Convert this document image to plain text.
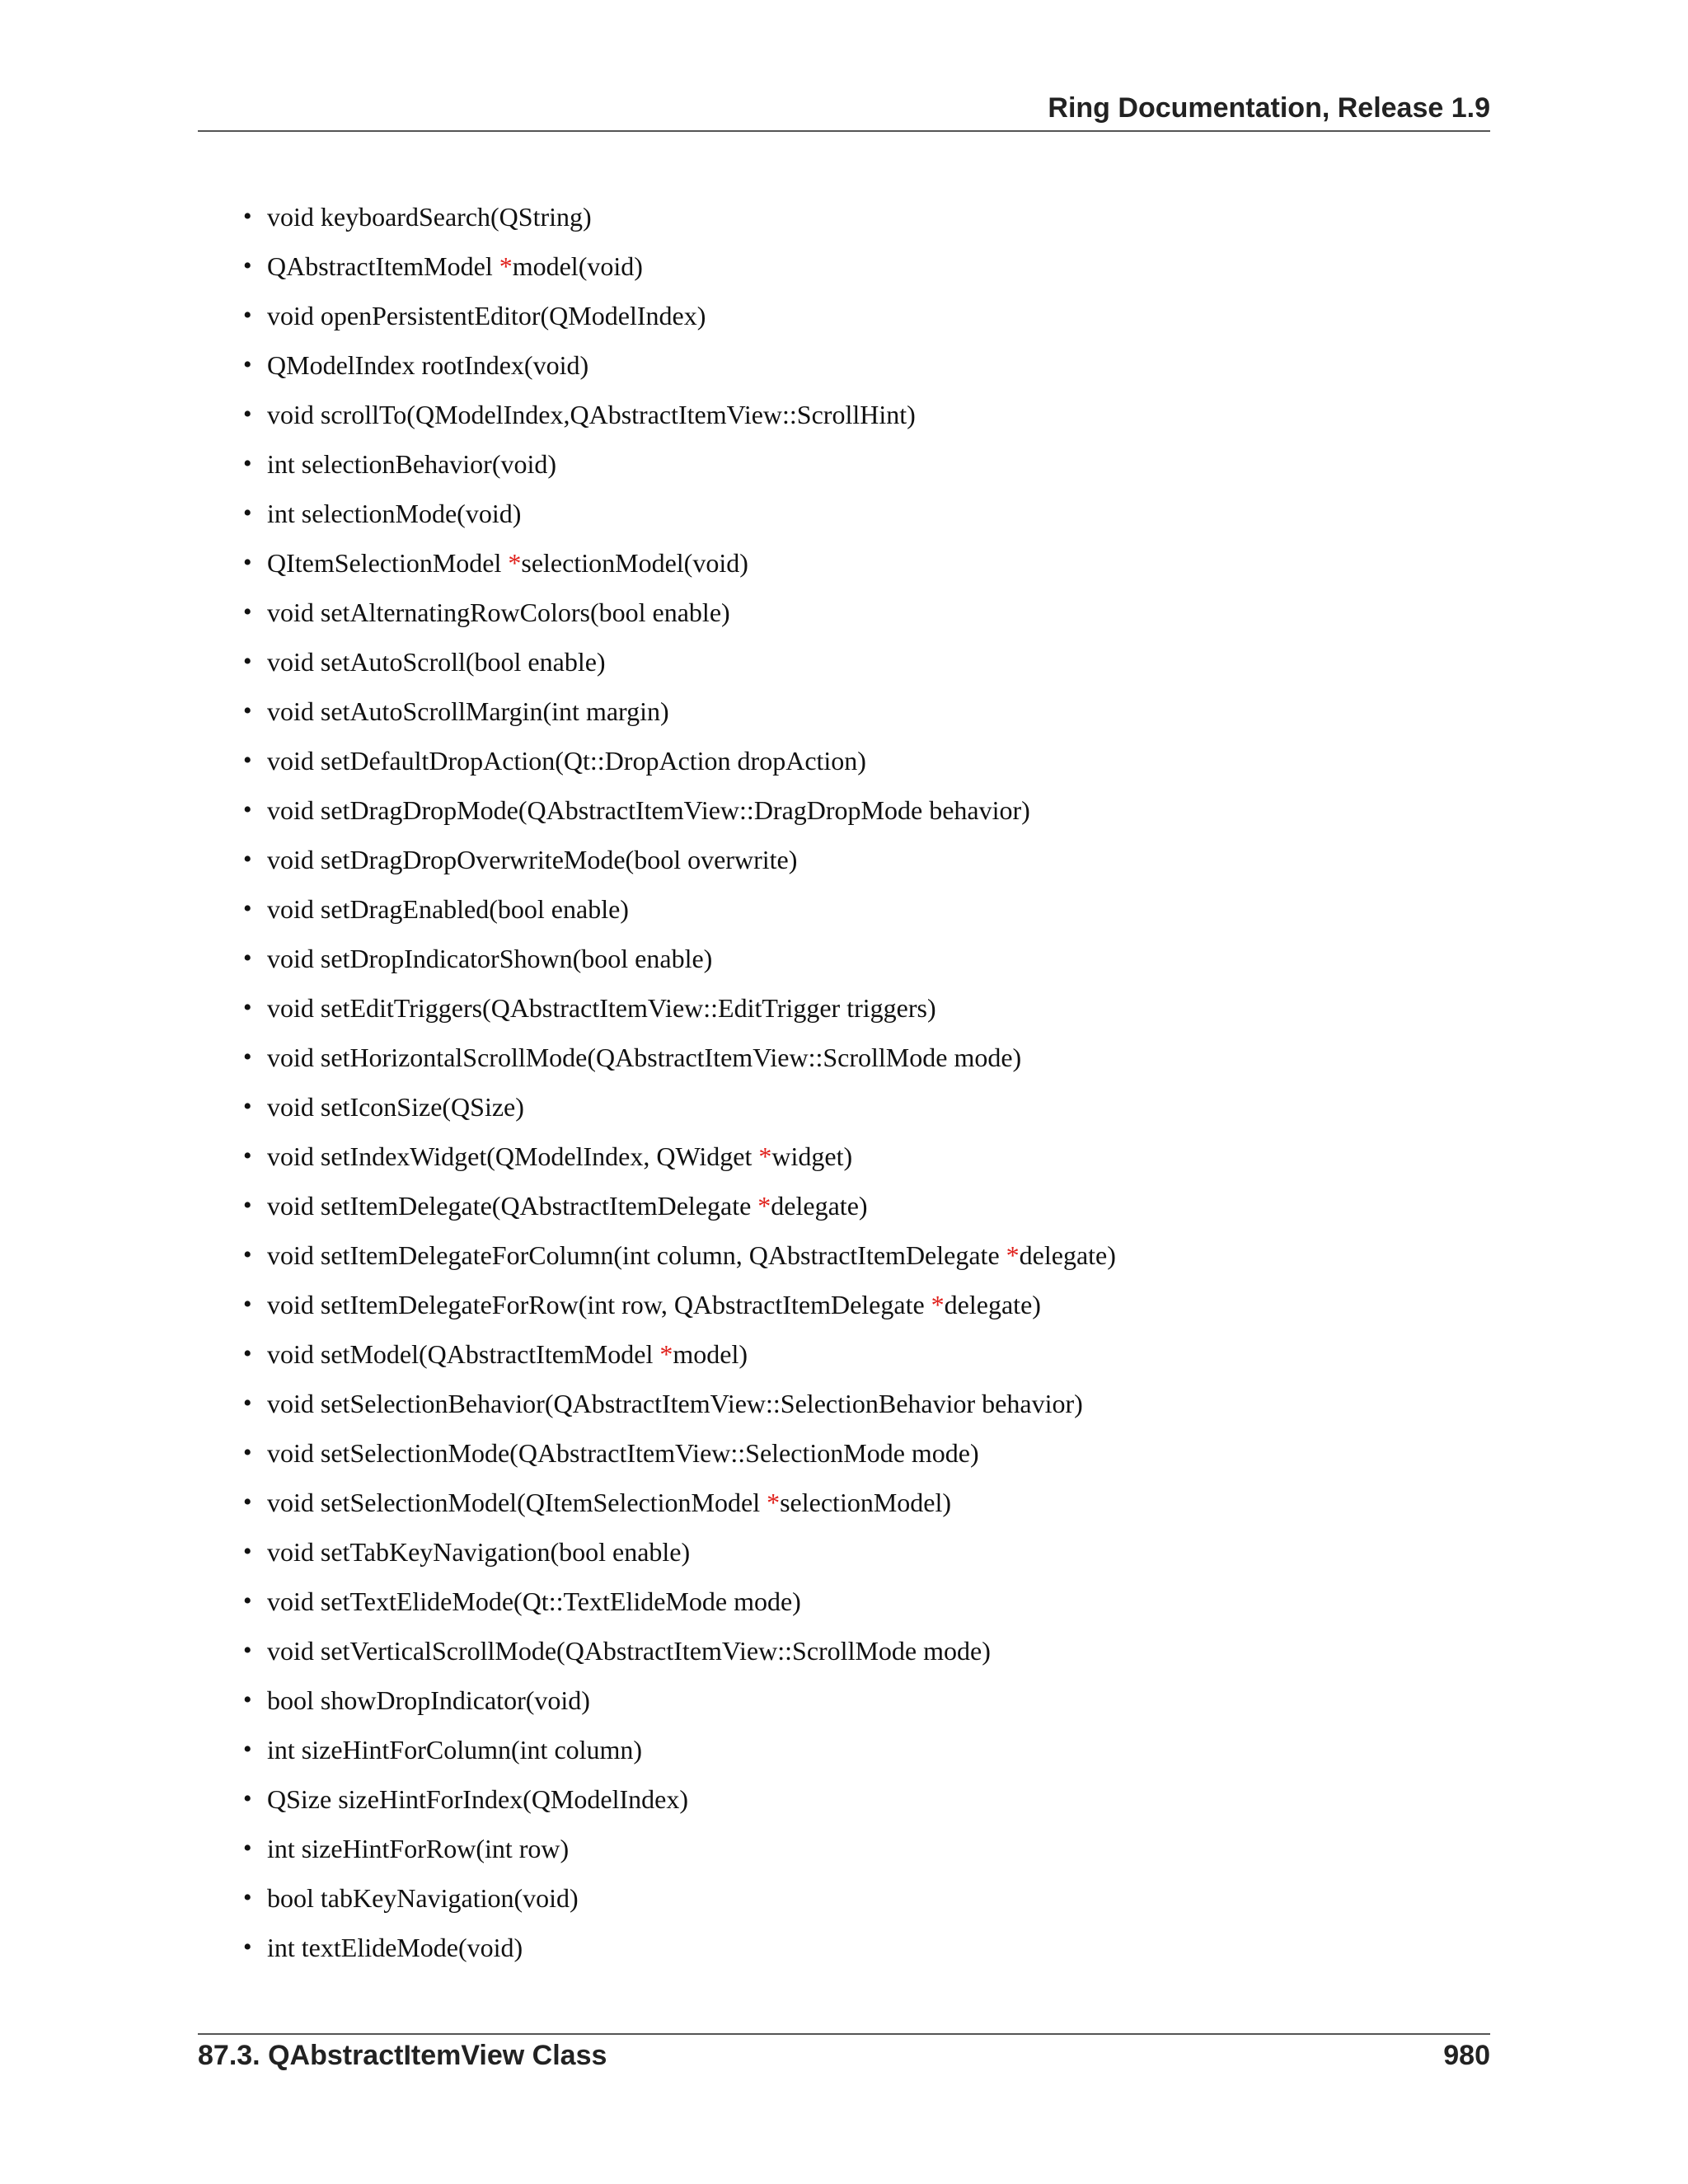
Ring Documentation, Release 1.9
• void keyboardSearch(QString)
• QAbstractItemModel *model(void)
• void openPersistentEditor(QModelIndex)
• QModelIndex rootIndex(void)
• void scrollTo(QModelIndex,QAbstractItemView::ScrollHint)
• int selectionBehavior(void)
• int selectionMode(void)
• QItemSelectionModel *selectionModel(void)
• void setAlternatingRowColors(bool enable)
• void setAutoScroll(bool enable)
• void setAutoScrollMargin(int margin)
• void setDefaultDropAction(Qt::DropAction dropAction)
• void setDragDropMode(QAbstractItemView::DragDropMode behavior)
• void setDragDropOverwriteMode(bool overwrite)
• void setDragEnabled(bool enable)
• void setDropIndicatorShown(bool enable)
• void setEditTriggers(QAbstractItemView::EditTrigger triggers)
• void setHorizontalScrollMode(QAbstractItemView::ScrollMode mode)
• void setIconSize(QSize)
• void setIndexWidget(QModelIndex, QWidget *widget)
• void setItemDelegate(QAbstractItemDelegate *delegate)
• void setItemDelegateForColumn(int column, QAbstractItemDelegate *delegate)
• void setItemDelegateForRow(int row, QAbstractItemDelegate *delegate)
• void setModel(QAbstractItemModel *model)
• void setSelectionBehavior(QAbstractItemView::SelectionBehavior behavior)
• void setSelectionMode(QAbstractItemView::SelectionMode mode)
• void setSelectionModel(QItemSelectionModel *selectionModel)
• void setTabKeyNavigation(bool enable)
• void setTextElideMode(Qt::TextElideMode mode)
• void setVerticalScrollMode(QAbstractItemView::ScrollMode mode)
• bool showDropIndicator(void)
• int sizeHintForColumn(int column)
• QSize sizeHintForIndex(QModelIndex)
• int sizeHintForRow(int row)
• bool tabKeyNavigation(void)
• int textElideMode(void)

87.3. QAbstractItemView Class	980
